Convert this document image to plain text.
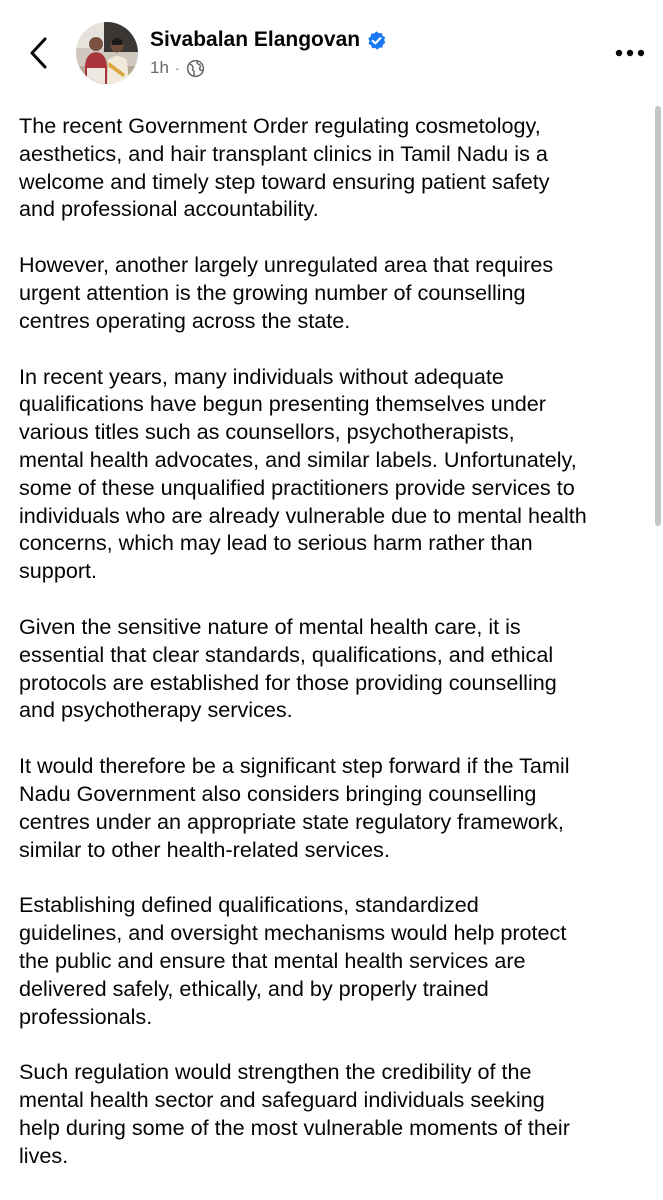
Sivabalan Elangovan
1h ·

The recent Government Order regulating cosmetology,
aesthetics, and hair transplant clinics in Tamil Nadu is a
welcome and timely step toward ensuring patient safety
and professional accountability.

However, another largely unregulated area that requires
urgent attention is the growing number of counselling
centres operating across the state.

In recent years, many individuals without adequate
qualifications have begun presenting themselves under
various titles such as counsellors, psychotherapists,
mental health advocates, and similar labels. Unfortunately,
some of these unqualified practitioners provide services to
individuals who are already vulnerable due to mental health
concerns, which may lead to serious harm rather than
support.

Given the sensitive nature of mental health care, it is
essential that clear standards, qualifications, and ethical
protocols are established for those providing counselling
and psychotherapy services.

It would therefore be a significant step forward if the Tamil
Nadu Government also considers bringing counselling
centres under an appropriate state regulatory framework,
similar to other health-related services.

Establishing defined qualifications, standardized
guidelines, and oversight mechanisms would help protect
the public and ensure that mental health services are
delivered safely, ethically, and by properly trained
professionals.

Such regulation would strengthen the credibility of the
mental health sector and safeguard individuals seeking
help during some of the most vulnerable moments of their
lives.
